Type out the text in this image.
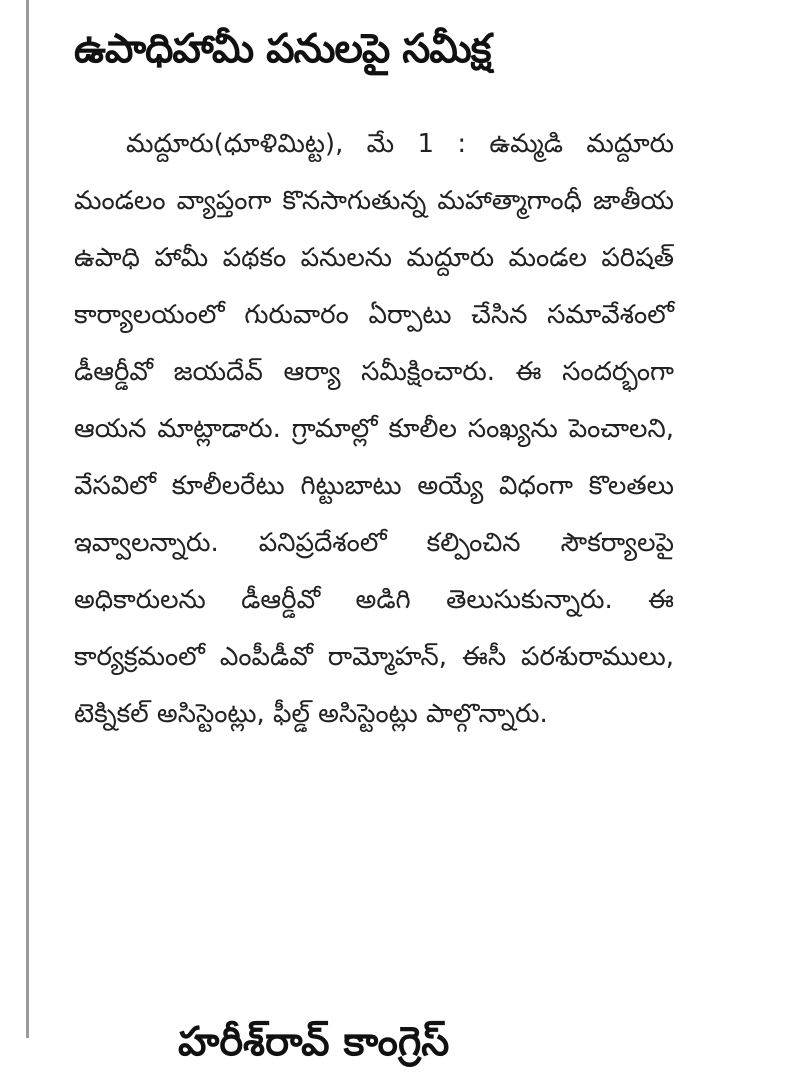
ఉపాధిహామీ పనులపై సమీక్ష

మద్దూరు(ధూళిమిట్ట), మే 1 : ఉమ్మడి మద్దూరు మండలం వ్యాప్తంగా కొనసాగుతున్న మహాత్మాగాంధీ జాతీయ ఉపాధి హామీ పథకం పనులను మద్దూరు మండల పరిషత్ కార్యాలయంలో గురువారం ఏర్పాటు చేసిన సమావేశంలో డీఆర్డీవో జయదేవ్ ఆర్యా సమీక్షించారు. ఈ సందర్భంగా ఆయన మాట్లాడారు. గ్రామాల్లో కూలీల సంఖ్యను పెంచాలని, వేసవిలో కూలీలరేటు గిట్టుబాటు అయ్యే విధంగా కొలతలు ఇవ్వాలన్నారు. పనిప్రదేశంలో కల్పించిన సౌకర్యాలపై అధికారులను డీఆర్డీవో అడిగి తెలుసుకున్నారు. ఈ కార్యక్రమంలో ఎంపీడీవో రామ్మోహన్, ఈసీ పరశురాములు, టెక్నికల్ అసిస్టెంట్లు, ఫీల్డ్ అసిస్టెంట్లు పాల్గొన్నారు.

హరీశ్‌రావ్ కాంగ్రెస్
